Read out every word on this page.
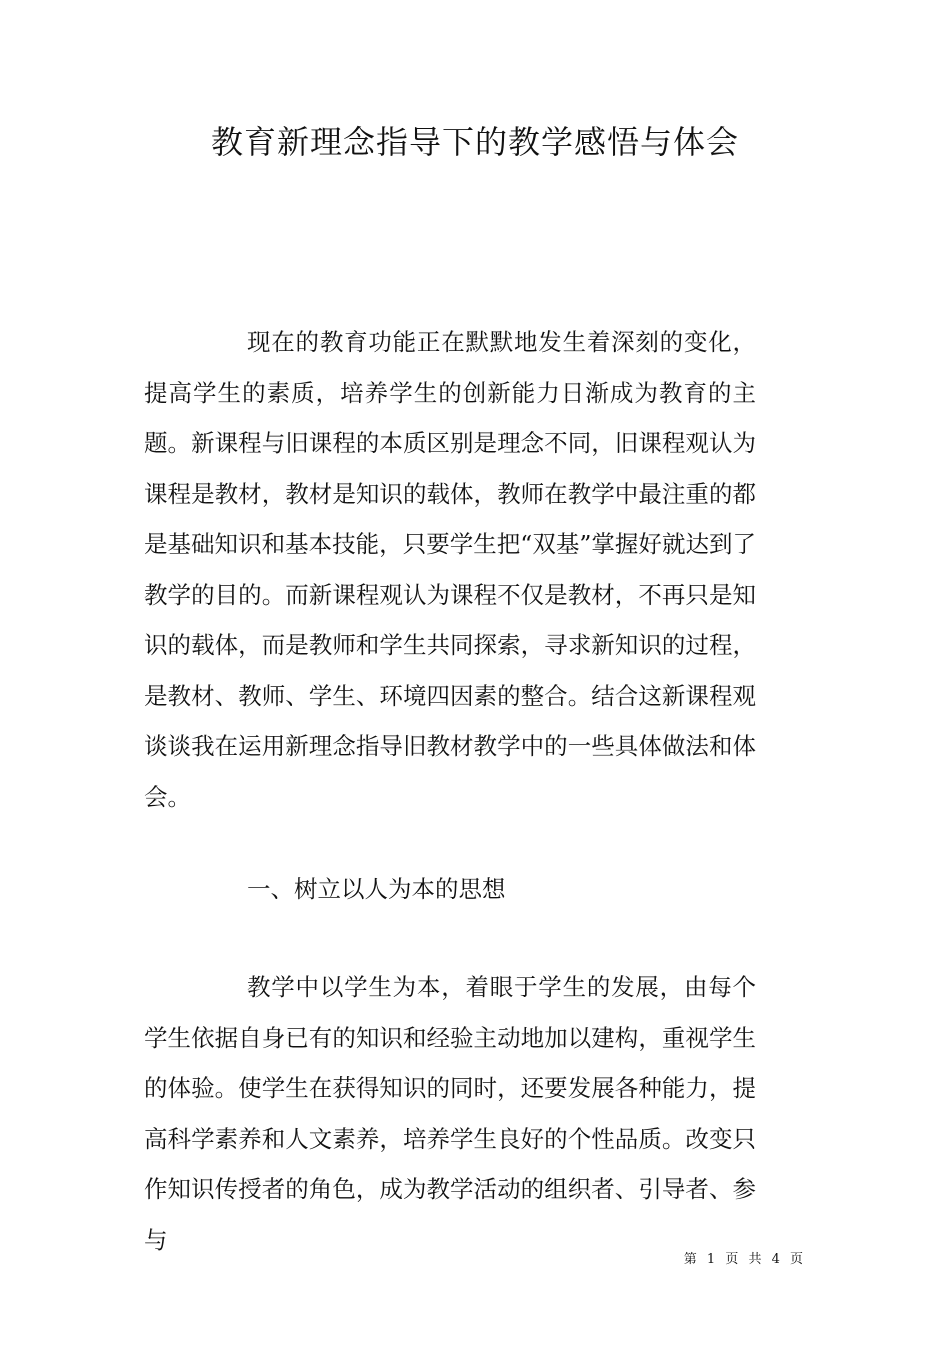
教育新理念指导下的教学感悟与体会

现在的教育功能正在默默地发生着深刻的变化，提高学生的素质，培养学生的创新能力日渐成为教育的主题。新课程与旧课程的本质区别是理念不同，旧课程观认为课程是教材，教材是知识的载体，教师在教学中最注重的都是基础知识和基本技能，只要学生把“双基”掌握好就达到了教学的目的。而新课程观认为课程不仅是教材，不再只是知识的载体，而是教师和学生共同探索，寻求新知识的过程，是教材、教师、学生、环境四因素的整合。结合这新课程观谈谈我在运用新理念指导旧教材教学中的一些具体做法和体会。

一、树立以人为本的思想

教学中以学生为本，着眼于学生的发展，由每个学生依据自身已有的知识和经验主动地加以建构，重视学生的体验。使学生在获得知识的同时，还要发展各种能力，提高科学素养和人文素养，培养学生良好的个性品质。改变只作知识传授者的角色，成为教学活动的组织者、引导者、参与

第 1 页 共 4 页
